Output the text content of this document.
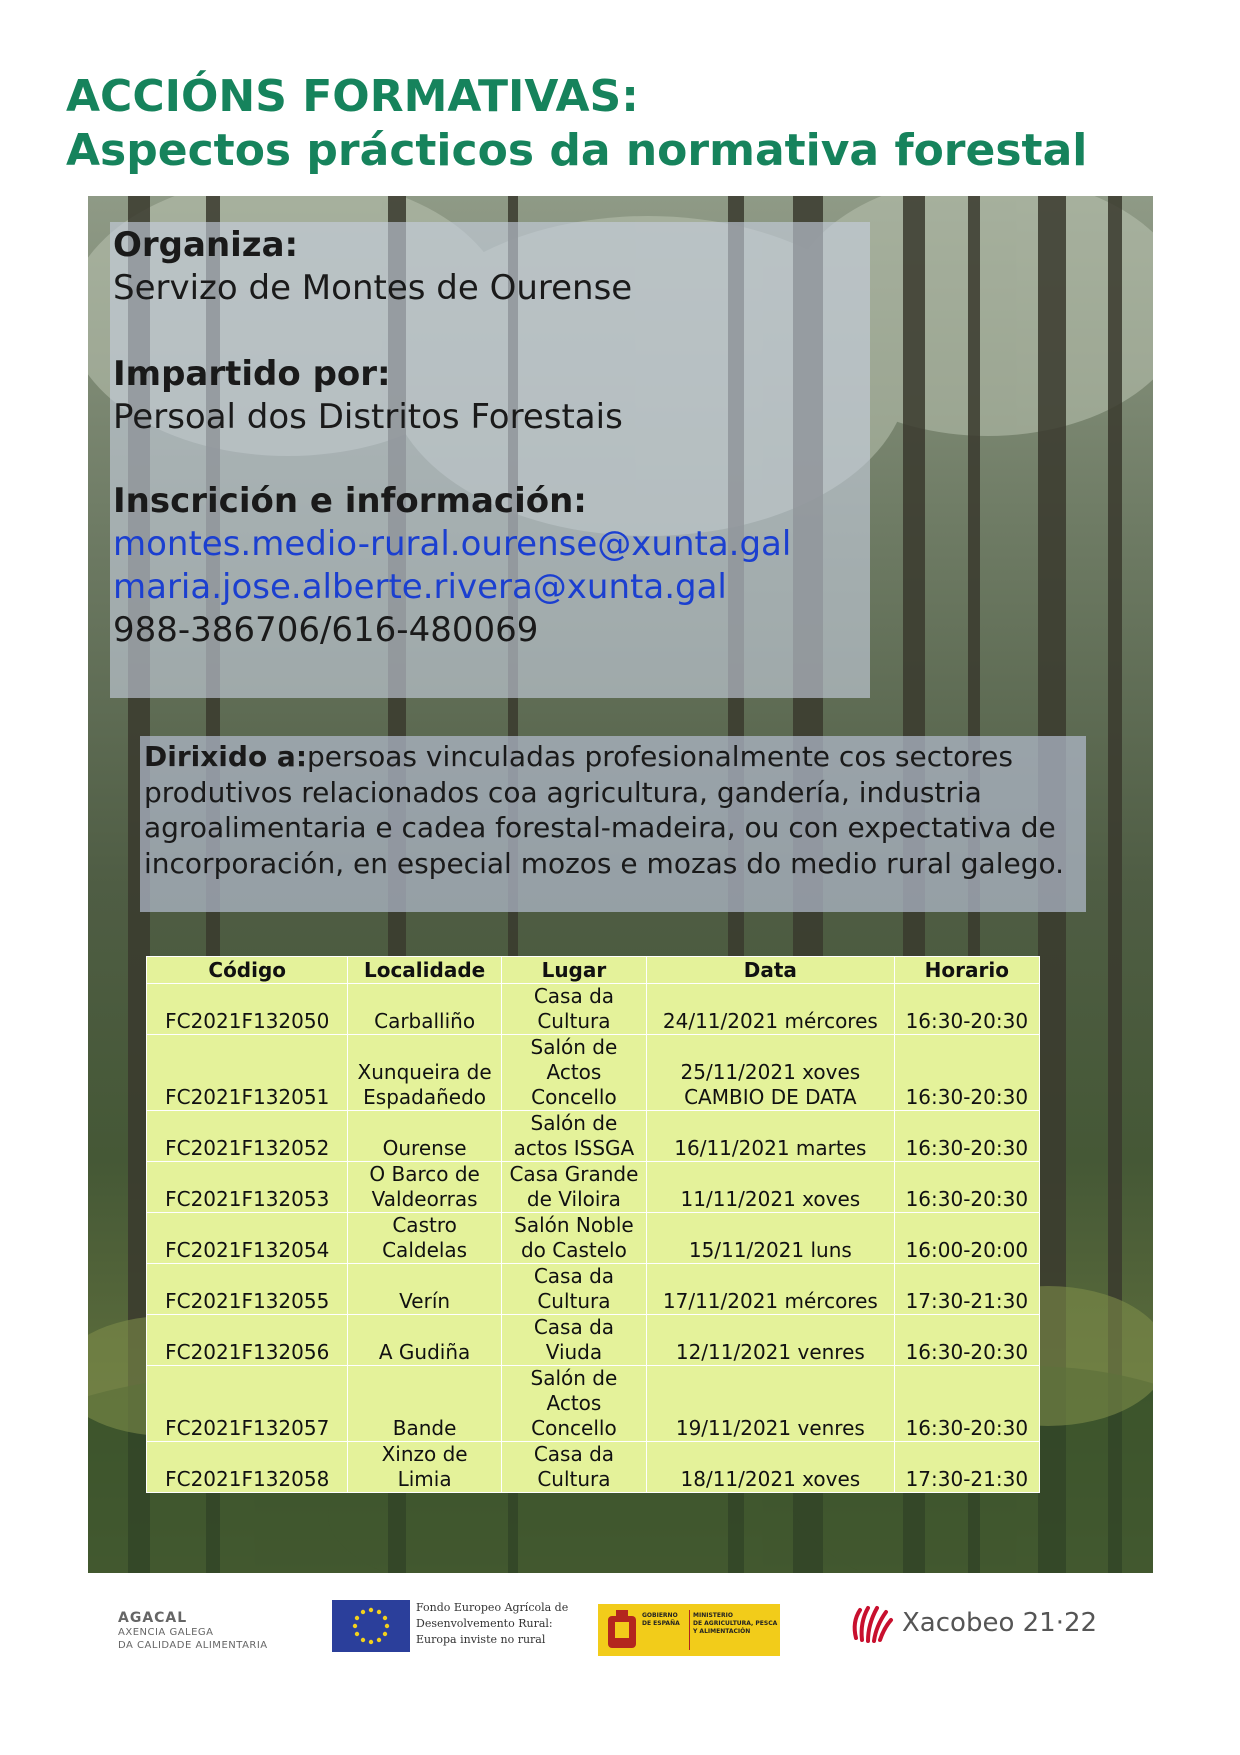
ACCIÓNS FORMATIVAS:
Aspectos prácticos da normativa forestal
Organiza:
Servizo de Montes de Ourense
Impartido por:
Persoal dos Distritos Forestais
Inscrición e información:
montes.medio-rural.ourense@xunta.gal
maria.jose.alberte.rivera@xunta.gal
988-386706/616-480069

Dirixido a:persoas vinculadas profesionalmente cos sectores produtivos relacionados coa agricultura, gandería, industria agroalimentaria e cadea forestal-madeira, ou con expectativa de incorporación, en especial mozos e mozas do medio rural galego.

Código	Localidade	Lugar	Data	Horario
FC2021F132050	Carballiño	Casa da Cultura	24/11/2021 mércores	16:30-20:30
FC2021F132051	Xunqueira de Espadañedo	Salón de Actos Concello	25/11/2021 xoves CAMBIO DE DATA	16:30-20:30
FC2021F132052	Ourense	Salón de actos ISSGA	16/11/2021 martes	16:30-20:30
FC2021F132053	O Barco de Valdeorras	Casa Grande de Viloira	11/11/2021 xoves	16:30-20:30
FC2021F132054	Castro Caldelas	Salón Noble do Castelo	15/11/2021 luns	16:00-20:00
FC2021F132055	Verín	Casa da Cultura	17/11/2021 mércores	17:30-21:30
FC2021F132056	A Gudiña	Casa da Viuda	12/11/2021 venres	16:30-20:30
FC2021F132057	Bande	Salón de Actos Concello	19/11/2021 venres	16:30-20:30
FC2021F132058	Xinzo de Limia	Casa da Cultura	18/11/2021 xoves	17:30-21:30
AGACAL
AXENCIA GALEGA
DA CALIDADE ALIMENTARIA
Fondo Europeo Agrícola de
Desenvolvemento Rural:
Europa inviste no rural
GOBIERNO
DE ESPAÑA
MINISTERIO
DE AGRICULTURA, PESCA
Y ALIMENTACIÓN	Xacobeo 21·22
